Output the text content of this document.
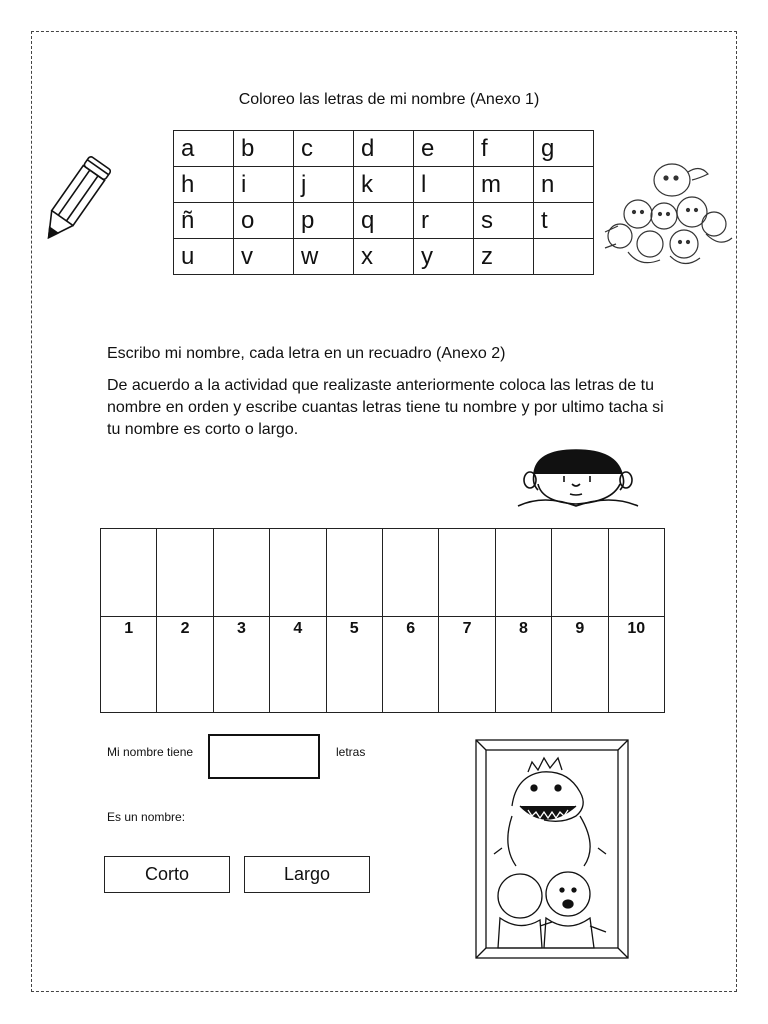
Coloreo las letras de mi nombre (Anexo 1)
a	b	c	d	e	f	g
h	i	j	k	l	m	n
ñ	o	p	q	r	s	t
u	v	w	x	y	z	
Escribo mi nombre, cada letra en un recuadro (Anexo 2)
De acuerdo a la actividad que realizaste anteriormente coloca las letras de tu nombre en orden y escribe cuantas letras tiene tu nombre y por ultimo tacha si tu nombre es corto o largo.

1	2	3	4	5	6	7	8	9	10
Mi nombre tiene	letras
Es un nombre:
Corto	Largo
